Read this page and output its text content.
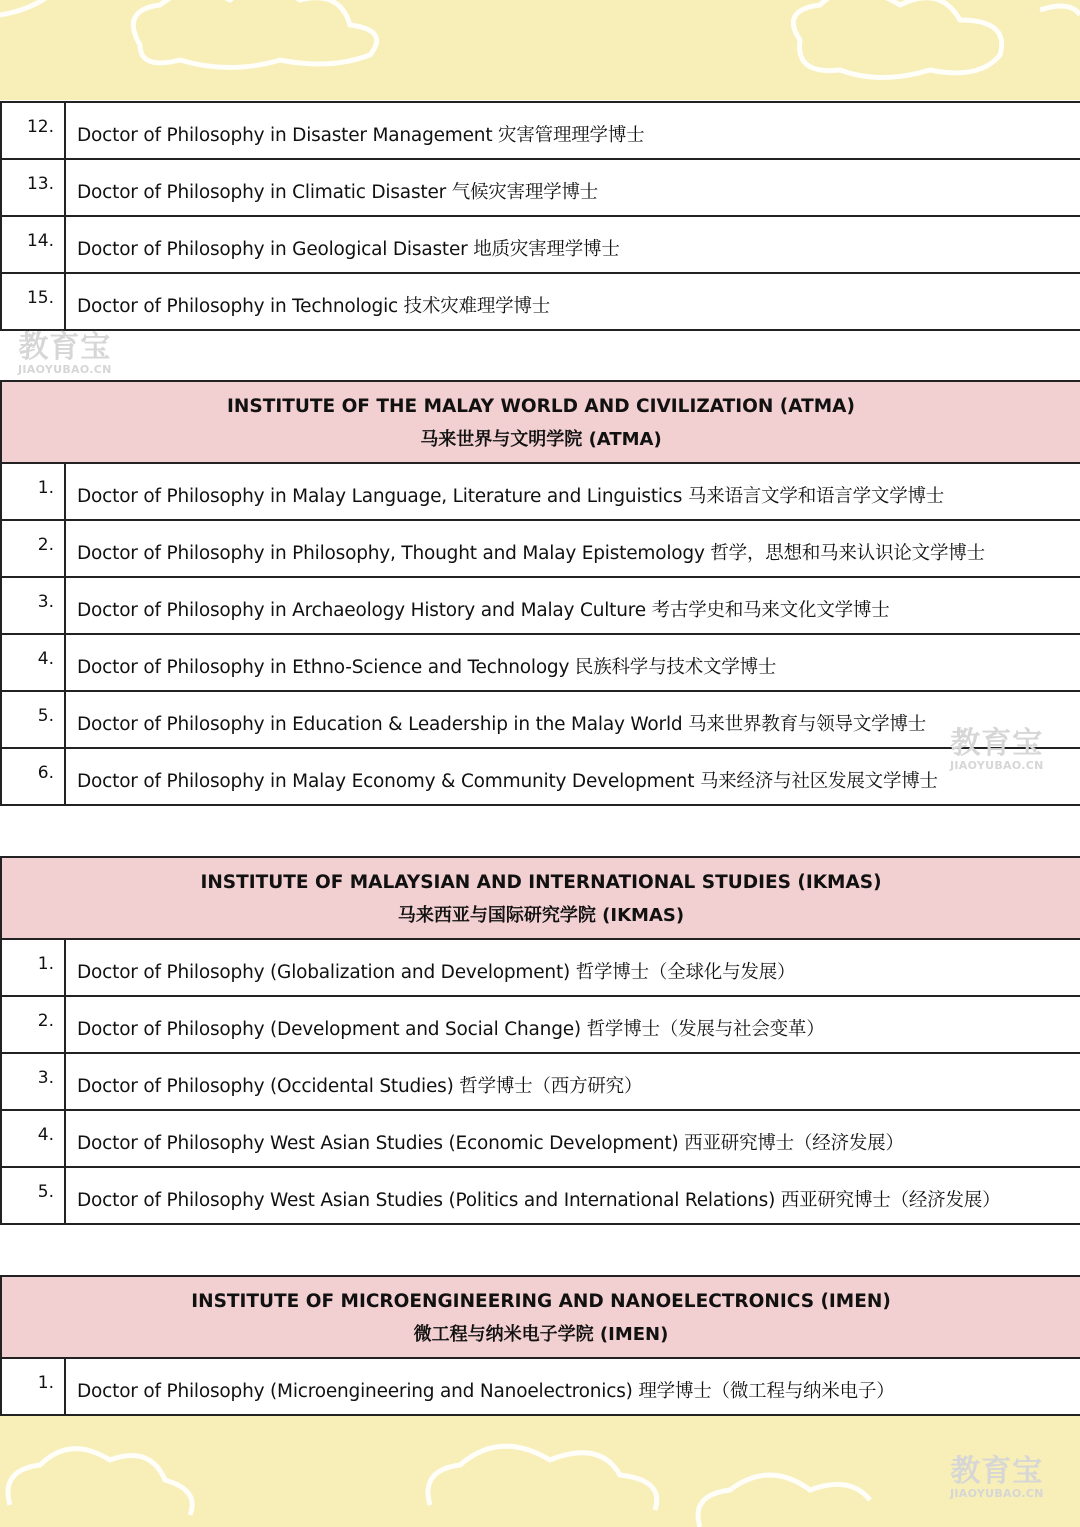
12.	Doctor of Philosophy in Disaster Management 灾害管理理学博士
13.	Doctor of Philosophy in Climatic Disaster 气候灾害理学博士
14.	Doctor of Philosophy in Geological Disaster 地质灾害理学博士
15.	Doctor of Philosophy in Technologic 技术灾难理学博士
INSTITUTE OF THE MALAY WORLD AND CIVILIZATION (ATMA)
马来世界与文明学院 (ATMA)
1.	Doctor of Philosophy in Malay Language, Literature and Linguistics 马来语言文学和语言学文学博士
2.	Doctor of Philosophy in Philosophy, Thought and Malay Epistemology 哲学，思想和马来认识论文学博士
3.	Doctor of Philosophy in Archaeology History and Malay Culture 考古学史和马来文化文学博士
4.	Doctor of Philosophy in Ethno-Science and Technology 民族科学与技术文学博士
5.	Doctor of Philosophy in Education & Leadership in the Malay World 马来世界教育与领导文学博士
6.	Doctor of Philosophy in Malay Economy & Community Development 马来经济与社区发展文学博士
INSTITUTE OF MALAYSIAN AND INTERNATIONAL STUDIES (IKMAS)
马来西亚与国际研究学院 (IKMAS)
1.	Doctor of Philosophy (Globalization and Development) 哲学博士（全球化与发展）
2.	Doctor of Philosophy (Development and Social Change) 哲学博士（发展与社会变革）
3.	Doctor of Philosophy (Occidental Studies) 哲学博士（西方研究）
4.	Doctor of Philosophy West Asian Studies (Economic Development) 西亚研究博士（经济发展）
5.	Doctor of Philosophy West Asian Studies (Politics and International Relations) 西亚研究博士（经济发展）
INSTITUTE OF MICROENGINEERING AND NANOELECTRONICS (IMEN)
微工程与纳米电子学院 (IMEN)
1.	Doctor of Philosophy (Microengineering and Nanoelectronics) 理学博士（微工程与纳米电子）
教育宝
JIAOYUBAO.CN
教育宝
JIAOYUBAO.CN
教育宝
JIAOYUBAO.CN
